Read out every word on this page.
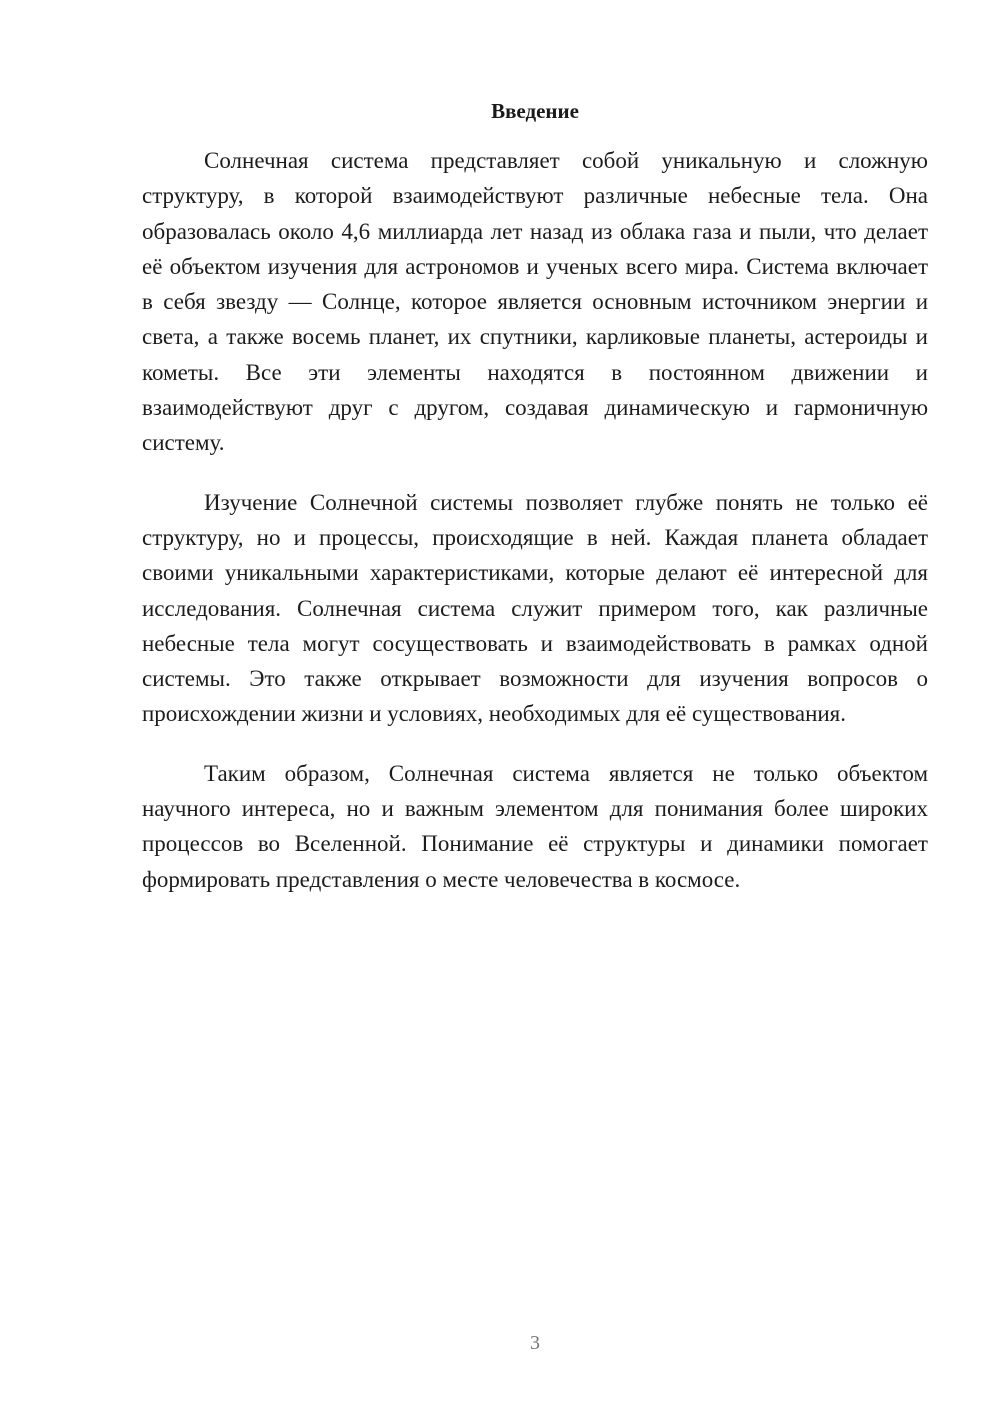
Введение

Солнечная система представляет собой уникальную и сложную структуру, в которой взаимодействуют различные небесные тела. Она образовалась около 4,6 миллиарда лет назад из облака газа и пыли, что делает её объектом изучения для астрономов и ученых всего мира. Система включает в себя звезду — Солнце, которое является основным источником энергии и света, а также восемь планет, их спутники, карликовые планеты, астероиды и кометы. Все эти элементы находятся в постоянном движении и взаимодействуют друг с другом, создавая динамическую и гармоничную систему.

Изучение Солнечной системы позволяет глубже понять не только её структуру, но и процессы, происходящие в ней. Каждая планета обладает своими уникальными характеристиками, которые делают её интересной для исследования. Солнечная система служит примером того, как различные небесные тела могут сосуществовать и взаимодействовать в рамках одной системы. Это также открывает возможности для изучения вопросов о происхождении жизни и условиях, необходимых для её существования.

Таким образом, Солнечная система является не только объектом научного интереса, но и важным элементом для понимания более широких процессов во Вселенной. Понимание её структуры и динамики помогает формировать представления о месте человечества в космосе.

3
